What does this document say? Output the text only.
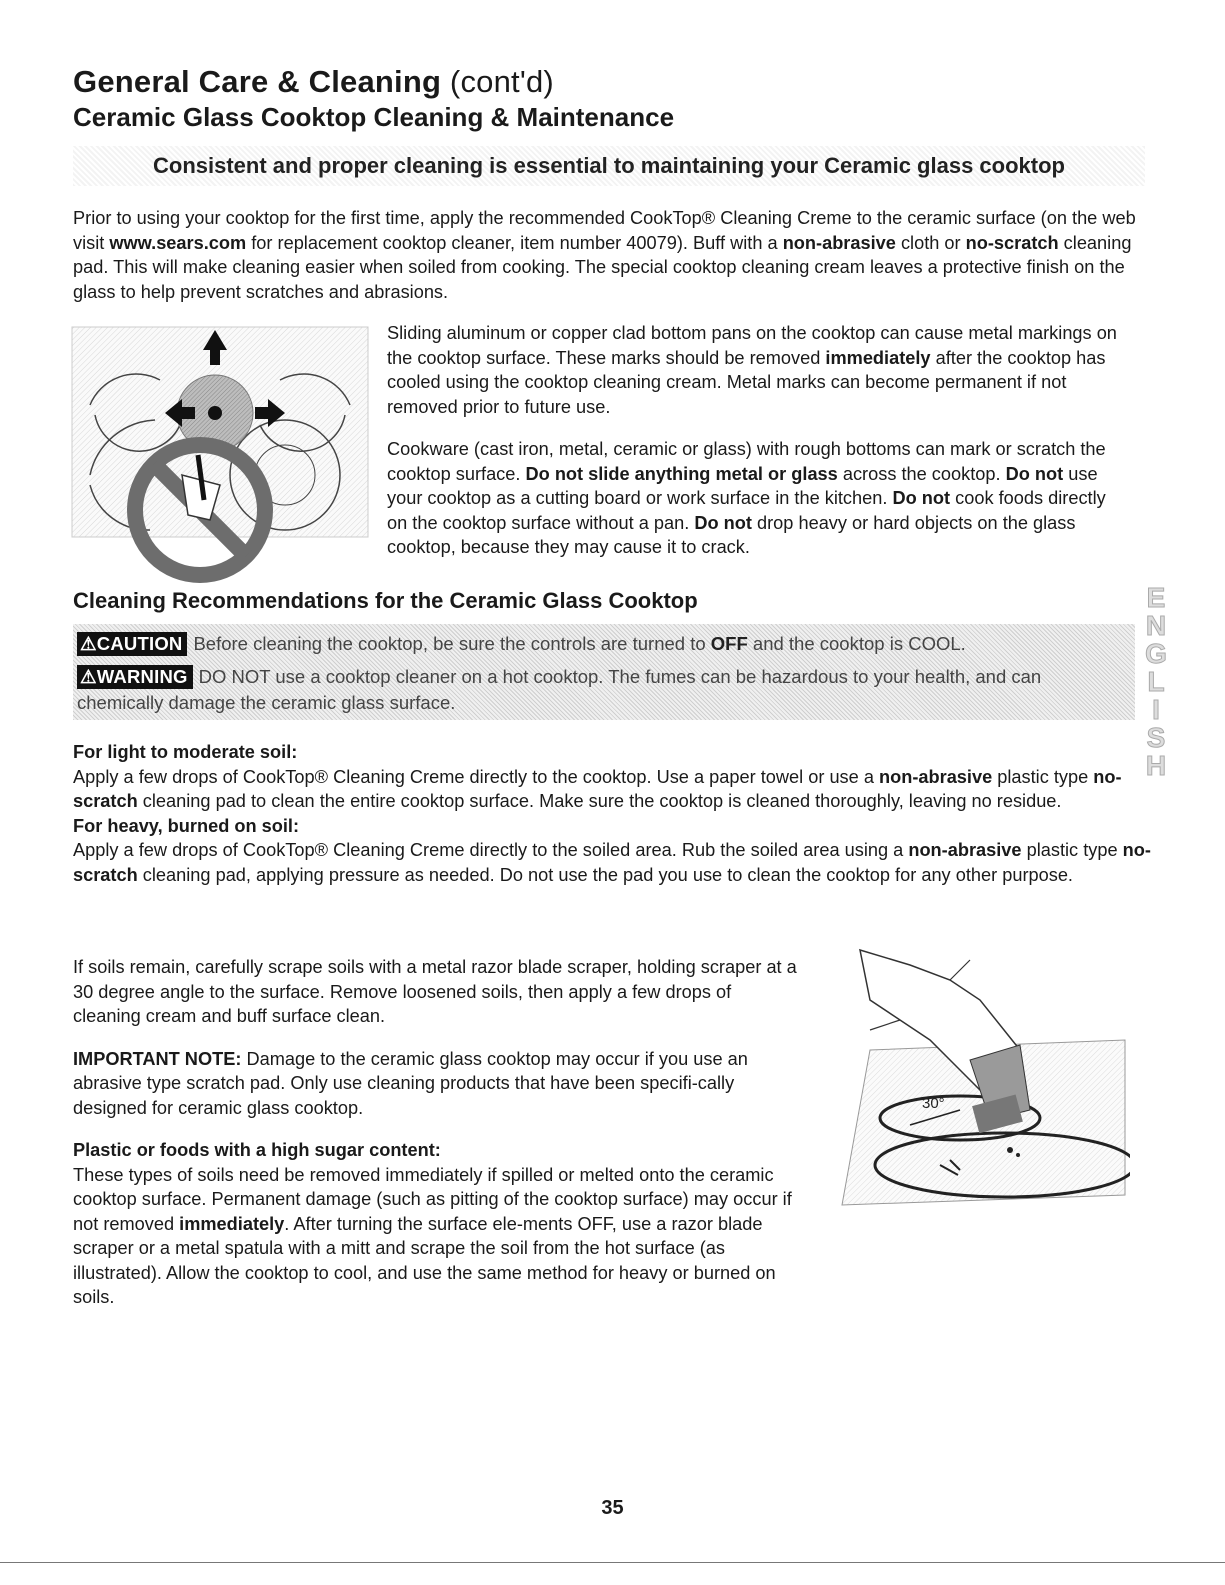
General Care & Cleaning (cont'd)
Ceramic Glass Cooktop Cleaning & Maintenance
Consistent and proper cleaning is essential to maintaining your Ceramic glass cooktop
Prior to using your cooktop for the first time, apply the recommended CookTop® Cleaning Creme to the ceramic surface (on the web visit www.sears.com for replacement cooktop cleaner, item number 40079). Buff with a non-abrasive cloth or no-scratch cleaning pad. This will make cleaning easier when soiled from cooking. The special cooktop cleaning cream leaves a protective finish on the glass to help prevent scratches and abrasions.

Sliding aluminum or copper clad bottom pans on the cooktop can cause metal markings on the cooktop surface. These marks should be removed immediately after the cooktop has cooled using the cooktop cleaning cream. Metal marks can become permanent if not removed prior to future use.

Cookware (cast iron, metal, ceramic or glass) with rough bottoms can mark or scratch the cooktop surface. Do not slide anything metal or glass across the cooktop. Do not use your cooktop as a cutting board or work surface in the kitchen. Do not cook foods directly on the cooktop surface without a pan. Do not drop heavy or hard objects on the glass cooktop, because they may cause it to crack.

Cleaning Recommendations for the Ceramic Glass Cooktop
⚠CAUTION Before cleaning the cooktop, be sure the controls are turned to OFF and the cooktop is COOL.
⚠WARNING DO NOT use a cooktop cleaner on a hot cooktop. The fumes can be hazardous to your health, and can
chemically damage the ceramic glass surface.
E
N
G
L
I
S
H
For light to moderate soil:
Apply a few drops of CookTop® Cleaning Creme directly to the cooktop. Use a paper towel or use a non-abrasive plastic type no-scratch cleaning pad to clean the entire cooktop surface. Make sure the cooktop is cleaned thoroughly, leaving no residue.
For heavy, burned on soil:
Apply a few drops of CookTop® Cleaning Creme directly to the soiled area. Rub the soiled area using a non-abrasive plastic type no-scratch cleaning pad, applying pressure as needed. Do not use the pad you use to clean the cooktop for any other purpose.

If soils remain, carefully scrape soils with a metal razor blade scraper, holding scraper at a 30 degree angle to the surface. Remove loosened soils, then apply a few drops of cleaning cream and buff surface clean.

IMPORTANT NOTE: Damage to the ceramic glass cooktop may occur if you use an abrasive type scratch pad. Only use cleaning products that have been specifi-cally designed for ceramic glass cooktop.

Plastic or foods with a high sugar content:
These types of soils need be removed immediately if spilled or melted onto the ceramic cooktop surface. Permanent damage (such as pitting of the cooktop surface) may occur if not removed immediately. After turning the surface ele-ments OFF, use a razor blade scraper or a metal spatula with a mitt and scrape the soil from the hot surface (as illustrated). Allow the cooktop to cool, and use the same method for heavy or burned on soils.
30°
35
